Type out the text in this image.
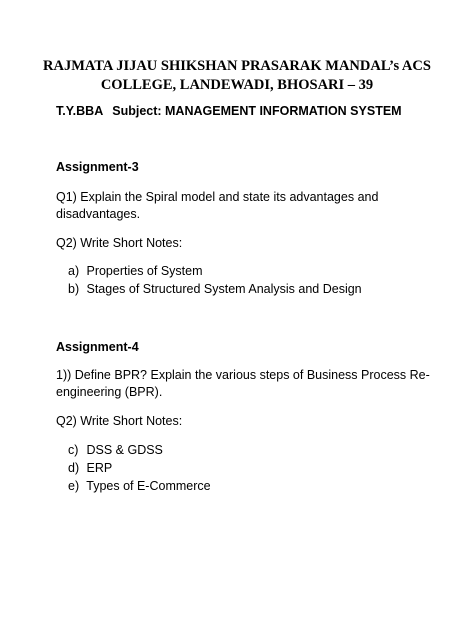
RAJMATA JIJAU SHIKSHAN PRASARAK MANDAL’s ACS
COLLEGE, LANDEWADI, BHOSARI – 39
T.Y.BBA Subject: MANAGEMENT INFORMATION SYSTEM
Assignment-3
Q1) Explain the Spiral model and state its advantages and
disadvantages.
Q2) Write Short Notes:
a) Properties of System
b) Stages of Structured System Analysis and Design
Assignment-4
1)) Define BPR? Explain the various steps of Business Process Re-
engineering (BPR).
Q2) Write Short Notes:
c) DSS & GDSS
d) ERP
e) Types of E-Commerce
